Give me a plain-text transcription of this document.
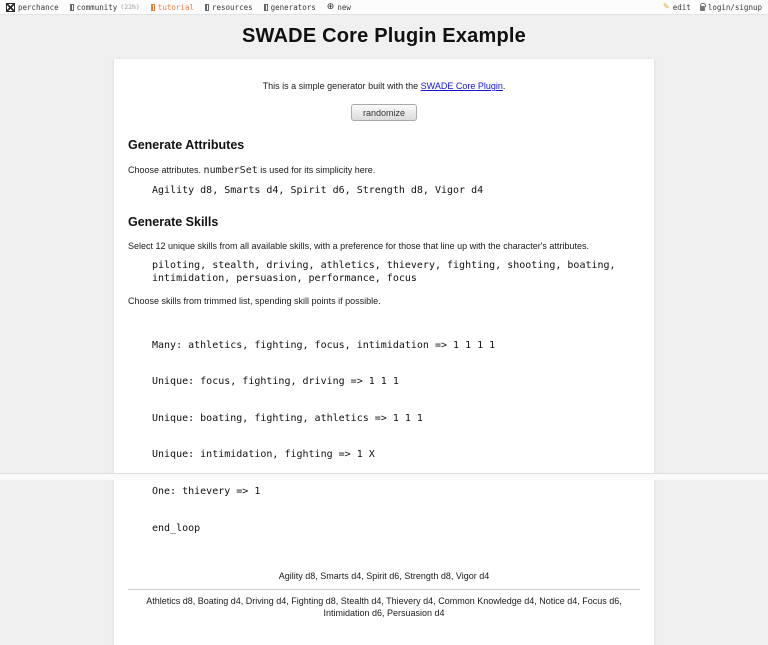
perchance community (22h) tutorial resources generators ⊕ new	✎ edit login/signup
SWADE Core Plugin Example

This is a simple generator built with the SWADE Core Plugin.

randomize
Generate Attributes

Choose attributes. numberSet is used for its simplicity here.

Agility d8, Smarts d4, Spirit d6, Strength d8, Vigor d4
Generate Skills

Select 12 unique skills from all available skills, with a preference for those that line up with the character's attributes.

piloting, stealth, driving, athletics, thievery, fighting, shooting, boating, intimidation, persuasion, performance, focus

Choose skills from trimmed list, spending skill points if possible.

Many: athletics, fighting, focus, intimidation => 1 1 1 1

Unique: focus, fighting, driving => 1 1 1

Unique: boating, fighting, athletics => 1 1 1

Unique: intimidation, fighting => 1 X

One: thievery => 1

end_loop

Agility d8, Smarts d4, Spirit d6, Strength d8, Vigor d4

Athletics d8, Boating d4, Driving d4, Fighting d8, Stealth d4, Thievery d4, Common Knowledge d4, Notice d4, Focus d6, Intimidation d6, Persuasion d4
